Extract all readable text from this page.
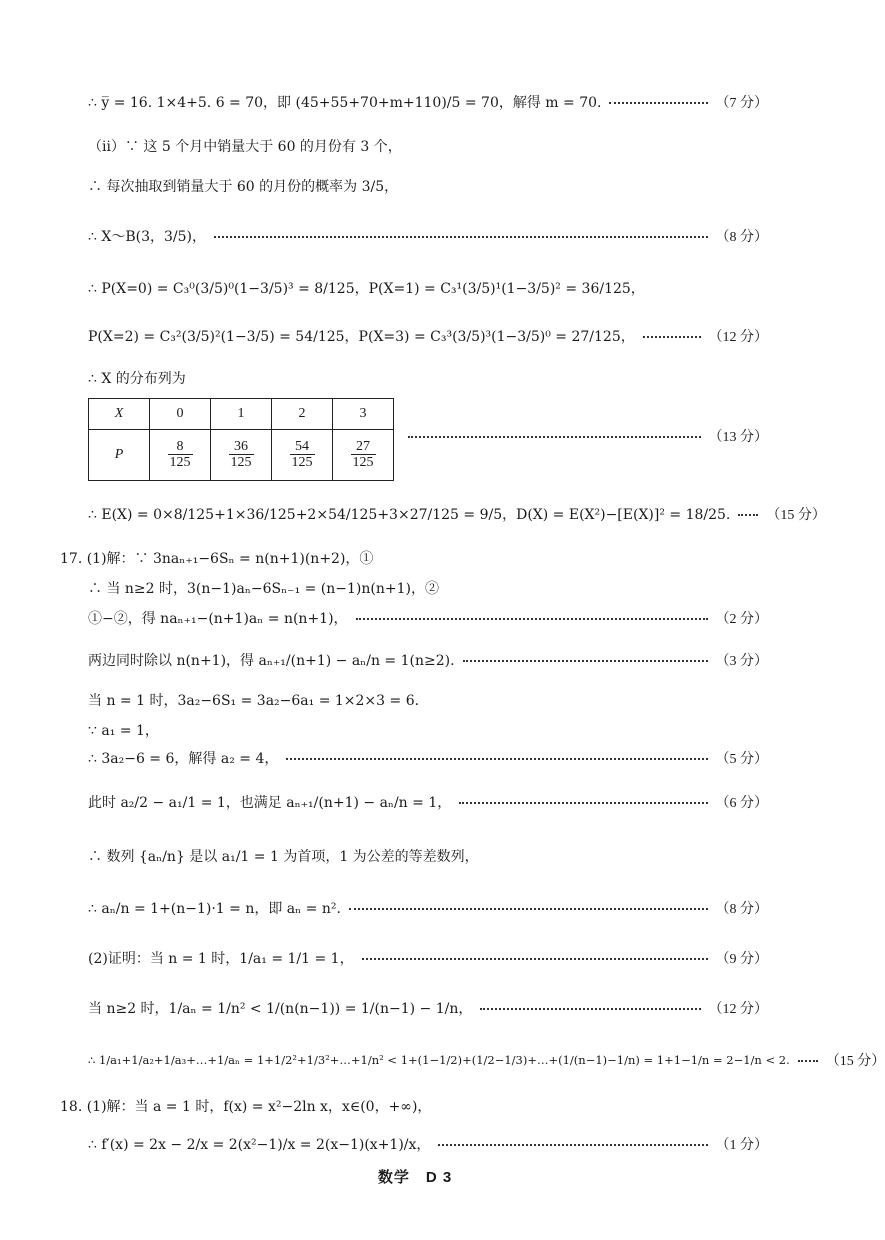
∴ y̅ = 16. 1×4+5. 6 = 70，即 (45+55+70+m+110)/5 = 70，解得 m = 70.	（7 分）
（ⅱ）∵ 这 5 个月中销量大于 60 的月份有 3 个，
∴ 每次抽取到销量大于 60 的月份的概率为 3/5，
∴ X～B(3，3/5)，	（8 分）
∴ P(X=0) = C₃⁰(3/5)⁰(1−3/5)³ = 8/125，P(X=1) = C₃¹(3/5)¹(1−3/5)² = 36/125，
P(X=2) = C₃²(3/5)²(1−3/5) = 54/125，P(X=3) = C₃³(3/5)³(1−3/5)⁰ = 27/125，	（12 分）
∴ X 的分布列为
X	0	1	2	3
P	$\frac{8}{125}$	$\frac{36}{125}$	$\frac{54}{125}$	$\frac{27}{125}$
（13 分）
∴ E(X) = 0×8/125+1×36/125+2×54/125+3×27/125 = 9/5，D(X) = E(X²)−[E(X)]² = 18/25.	（15 分）
17. (1)解：∵ 3naₙ₊₁−6Sₙ = n(n+1)(n+2)，①
∴ 当 n≥2 时，3(n−1)aₙ−6Sₙ₋₁ = (n−1)n(n+1)，②
①−②，得 naₙ₊₁−(n+1)aₙ = n(n+1)，	（2 分）
两边同时除以 n(n+1)，得 aₙ₊₁/(n+1) − aₙ/n = 1(n≥2).	（3 分）
当 n = 1 时，3a₂−6S₁ = 3a₂−6a₁ = 1×2×3 = 6.
∵ a₁ = 1，
∴ 3a₂−6 = 6，解得 a₂ = 4，	（5 分）
此时 a₂/2 − a₁/1 = 1，也满足 aₙ₊₁/(n+1) − aₙ/n = 1，	（6 分）
∴ 数列 {aₙ/n} 是以 a₁/1 = 1 为首项，1 为公差的等差数列，
∴ aₙ/n = 1+(n−1)·1 = n，即 aₙ = n².	（8 分）
(2)证明：当 n = 1 时，1/a₁ = 1/1 = 1，	（9 分）
当 n≥2 时，1/aₙ = 1/n² < 1/(n(n−1)) = 1/(n−1) − 1/n，	（12 分）
∴ 1/a₁+1/a₂+1/a₃+…+1/aₙ = 1+1/2²+1/3²+…+1/n² < 1+(1−1/2)+(1/2−1/3)+…+(1/(n−1)−1/n) = 1+1−1/n = 2−1/n < 2.	（15 分）
18. (1)解：当 a = 1 时，f(x) = x²−2ln x，x∈(0，+∞)，
∴ f′(x) = 2x − 2/x = 2(x²−1)/x = 2(x−1)(x+1)/x，	（1 分）
数学　D 3
